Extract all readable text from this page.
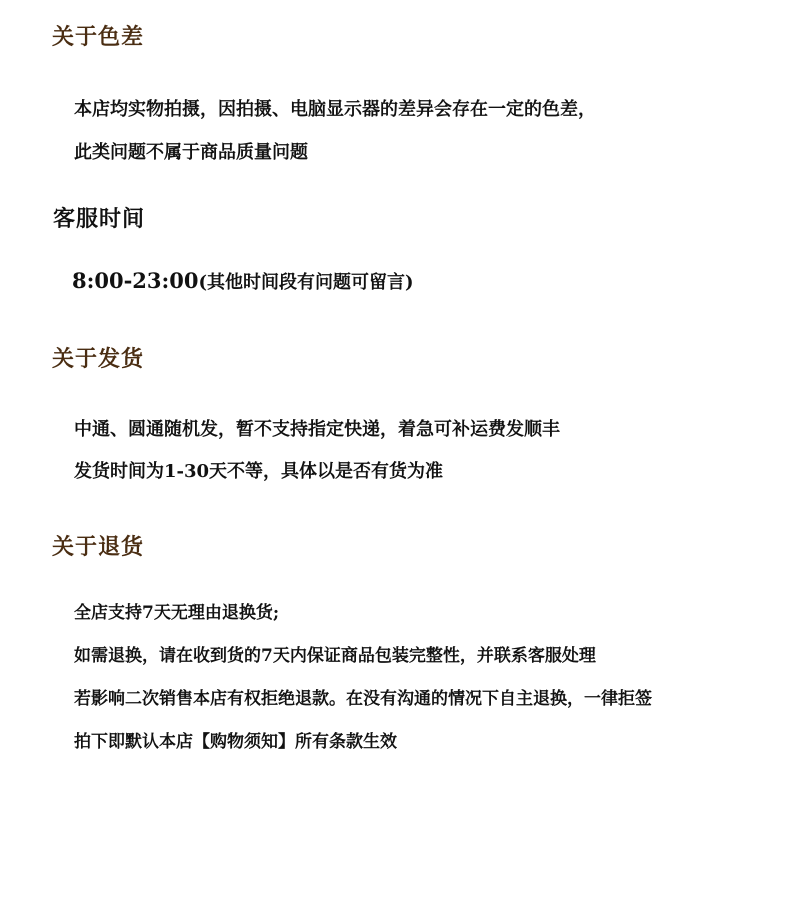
关于色差
本店均实物拍摄，因拍摄、电脑显示器的差异会存在一定的色差，
此类问题不属于商品质量问题
客服时间
8:00-23:00(其他时间段有问题可留言)
关于发货
中通、圆通随机发，暂不支持指定快递，着急可补运费发顺丰
发货时间为1-30天不等，具体以是否有货为准
关于退货
全店支持7天无理由退换货;
如需退换，请在收到货的7天内保证商品包装完整性，并联系客服处理
若影响二次销售本店有权拒绝退款。在没有沟通的情况下自主退换，一律拒签
拍下即默认本店【购物须知】所有条款生效
